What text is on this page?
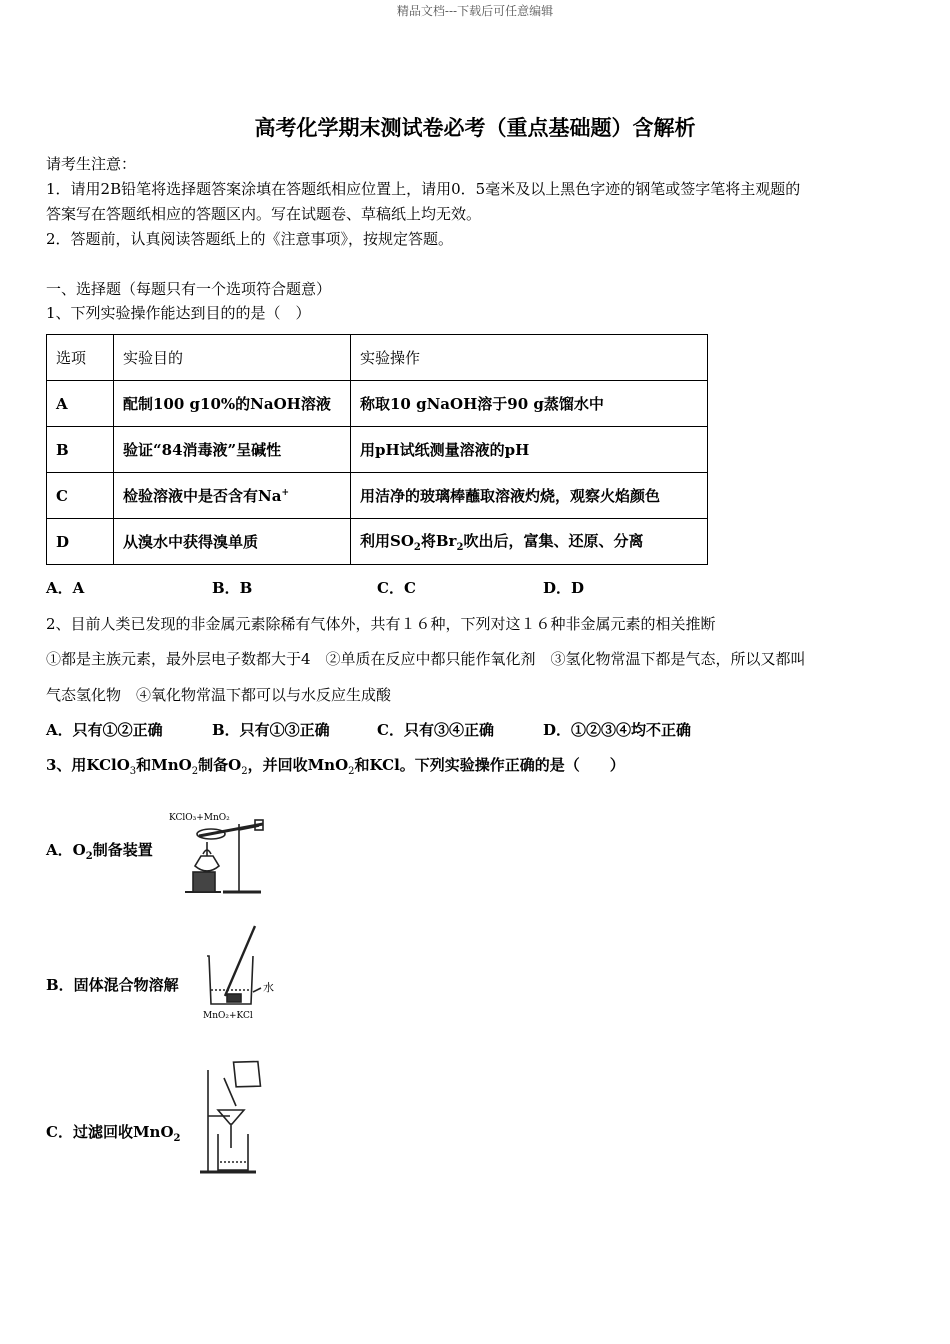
精品文档---下载后可任意编辑
高考化学期末测试卷必考（重点基础题）含解析
请考生注意：
1．请用2B铅笔将选择题答案涂填在答题纸相应位置上，请用0．5毫米及以上黑色字迹的钢笔或签字笔将主观题的
答案写在答题纸相应的答题区内。写在试题卷、草稿纸上均无效。
2．答题前，认真阅读答题纸上的《注意事项》，按规定答题。
一、选择题（每题只有一个选项符合题意）
1、下列实验操作能达到目的的是（　）
选项	实验目的	实验操作
A	配制100 g10%的NaOH溶液	称取10 gNaOH溶于90 g蒸馏水中
B	验证“84消毒液”呈碱性	用pH试纸测量溶液的pH
C	检验溶液中是否含有Na+	用洁净的玻璃棒蘸取溶液灼烧，观察火焰颜色
D	从溴水中获得溴单质	利用$SO_2$将$Br_2$吹出后，富集、还原、分离
A．A	B．B	C．C	D．D
2、目前人类已发现的非金属元素除稀有气体外，共有１６种，下列对这１６种非金属元素的相关推断
①都是主族元素，最外层电子数都大于4　②单质在反应中都只能作氧化剂　③氢化物常温下都是气态，所以又都叫
气态氢化物　④氧化物常温下都可以与水反应生成酸
A．只有①②正确	B．只有①③正确	C．只有③④正确	D．①②③④均不正确
3、用KClO$_3$和MnO$_2$制备$O_2$，并回收MnO$_2$和KCl。下列实验操作正确的是（　　）
A．$O_2$制备装置
KClO₃+MnO₂
B．固体混合物溶解	水
MnO₂+KCl
C．过滤回收MnO$_2$
